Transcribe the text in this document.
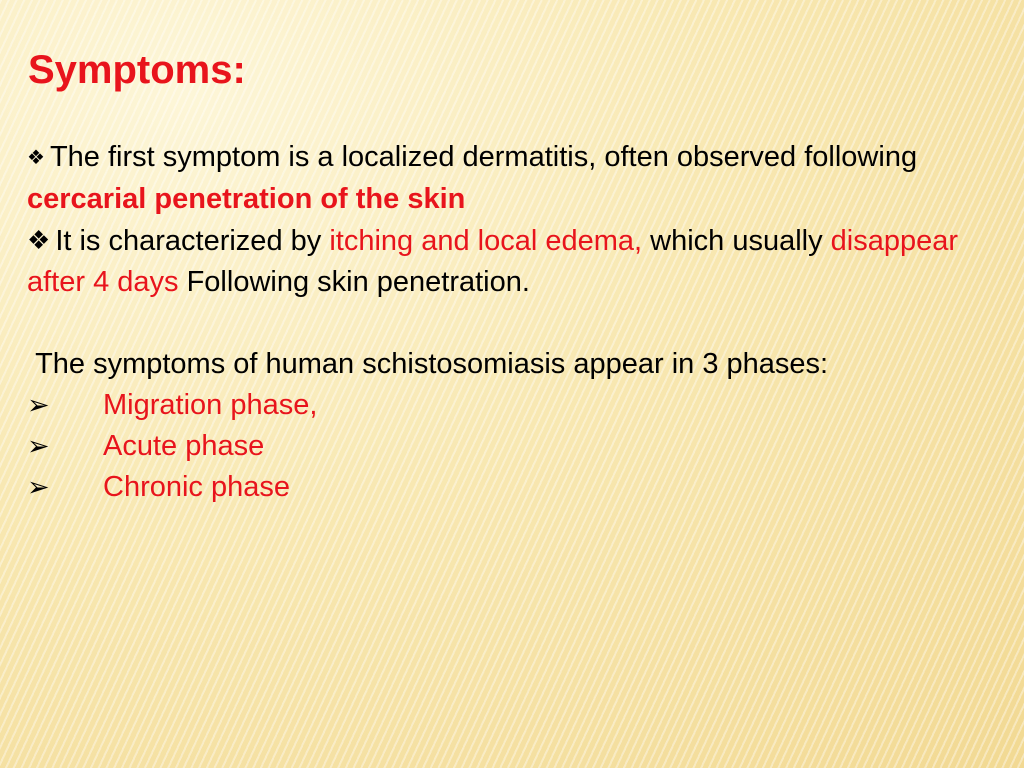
Symptoms:

❖ The first symptom is a localized dermatitis, often observed following cercarial penetration of the skin

❖ It is characterized by itching and local edema, which usually disappear after 4 days Following skin penetration.

The symptoms of human schistosomiasis appear in 3 phases:

➢ Migration phase,
➢ Acute phase
➢ Chronic phase
